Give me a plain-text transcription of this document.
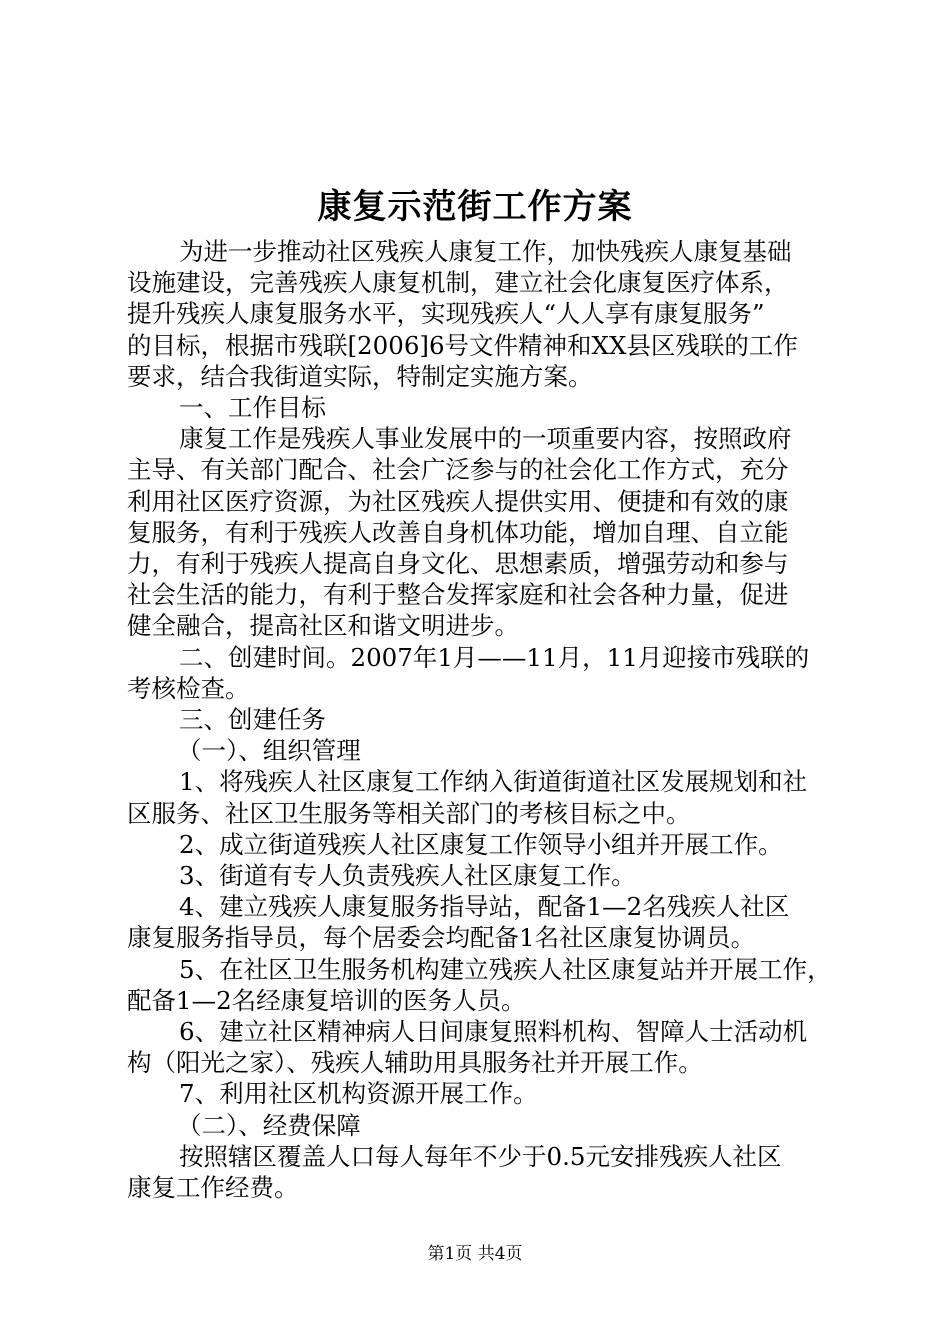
康复示范街工作方案

为进一步推动社区残疾人康复工作，加快残疾人康复基础

设施建设，完善残疾人康复机制，建立社会化康复医疗体系，

提升残疾人康复服务水平，实现残疾人“人人享有康复服务”

的目标，根据市残联[2006]6号文件精神和XX县区残联的工作

要求，结合我街道实际，特制定实施方案。

一、工作目标

康复工作是残疾人事业发展中的一项重要内容，按照政府

主导、有关部门配合、社会广泛参与的社会化工作方式，充分

利用社区医疗资源，为社区残疾人提供实用、便捷和有效的康

复服务，有利于残疾人改善自身机体功能，增加自理、自立能

力，有利于残疾人提高自身文化、思想素质，增强劳动和参与

社会生活的能力，有利于整合发挥家庭和社会各种力量，促进

健全融合，提高社区和谐文明进步。

二、创建时间。2007年1月——11月，11月迎接市残联的

考核检查。

三、创建任务

（一）、组织管理

1、将残疾人社区康复工作纳入街道街道社区发展规划和社

区服务、社区卫生服务等相关部门的考核目标之中。

2、成立街道残疾人社区康复工作领导小组并开展工作。

3、街道有专人负责残疾人社区康复工作。

4、建立残疾人康复服务指导站，配备1—2名残疾人社区

康复服务指导员，每个居委会均配备1名社区康复协调员。

5、在社区卫生服务机构建立残疾人社区康复站并开展工作，

配备1—2名经康复培训的医务人员。

6、建立社区精神病人日间康复照料机构、智障人士活动机

构（阳光之家）、残疾人辅助用具服务社并开展工作。

7、利用社区机构资源开展工作。

（二）、经费保障

按照辖区覆盖人口每人每年不少于0.5元安排残疾人社区

康复工作经费。

第1页 共4页
